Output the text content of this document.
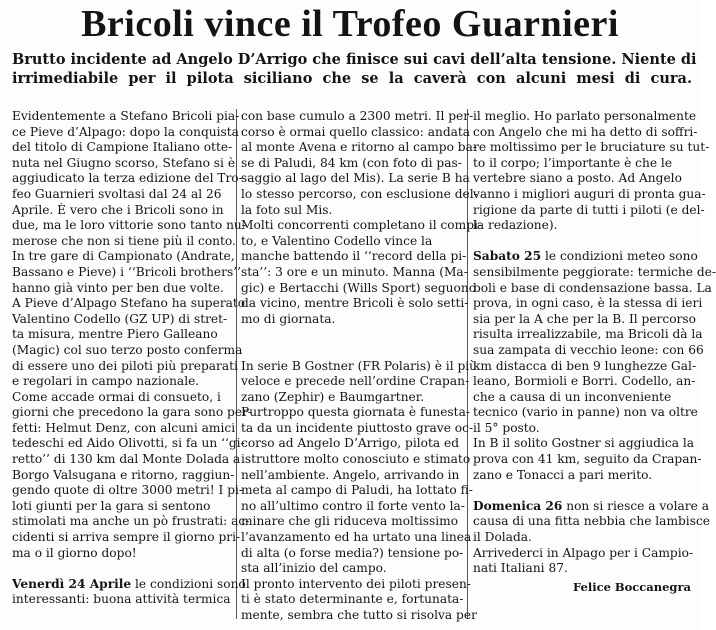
Bricoli vince il Trofeo Guarnieri
Brutto incidente ad Angelo D’Arrigo che finisce sui cavi dell’alta tensione. Niente di
irrimediabile per il pilota siciliano che se la caverà con alcuni mesi di cura.
Evidentemente a Stefano Bricoli pia-
ce Pieve d’Alpago: dopo la conquista
del titolo di Campione Italiano otte-
nuta nel Giugno scorso, Stefano si è
aggiudicato la terza edizione del Tro-
feo Guarnieri svoltasi dal 24 al 26
Aprile. È vero che i Bricoli sono in
due, ma le loro vittorie sono tanto nu-
merose che non si tiene più il conto.
In tre gare di Campionato (Andrate,
Bassano e Pieve) i ‘‘Bricoli brothers’’
hanno già vinto per ben due volte.
A Pieve d’Alpago Stefano ha superato
Valentino Codello (GZ UP) di stret-
ta misura, mentre Piero Galleano
(Magic) col suo terzo posto conferma
di essere uno dei piloti più preparati
e regolari in campo nazionale.
Come accade ormai di consueto, i
giorni che precedono la gara sono per-
fetti: Helmut Denz, con alcuni amici
tedeschi ed Aido Olivotti, si fa un ‘‘gi-
retto’’ di 130 km dal Monte Dolada a
Borgo Valsugana e ritorno, raggiun-
gendo quote di oltre 3000 metri! I pi-
loti giunti per la gara si sentono
stimolati ma anche un pò frustrati: ac-
cidenti si arriva sempre il giorno pri-
ma o il giorno dopo!
Venerdì 24 Aprile le condizioni sono
interessanti: buona attività termica
con base cumulo a 2300 metri. Il per-
corso è ormai quello classico: andata
al monte Avena e ritorno al campo ba-
se di Paludi, 84 km (con foto di pas-
saggio al lago del Mis). La serie B ha
lo stesso percorso, con esclusione del-
la foto sul Mis.
Molti concorrenti completano il compi-
to, e Valentino Codello vince la
manche battendo il ‘‘record della pi-
sta’’: 3 ore e un minuto. Manna (Ma-
gic) e Bertacchi (Wills Sport) seguono
da vicino, mentre Bricoli è solo setti-
mo di giornata.
In serie B Gostner (FR Polaris) è il più
veloce e precede nell’ordine Crapan-
zano (Zephir) e Baumgartner.
Purtroppo questa giornata è funesta-
ta da un incidente piuttosto grave oc-
corso ad Angelo D’Arrigo, pilota ed
istruttore molto conosciuto e stimato
nell’ambiente. Angelo, arrivando in
meta al campo di Paludi, ha lottato fi-
no all’ultimo contro il forte vento la-
minare che gli riduceva moltissimo
l’avanzamento ed ha urtato una linea
di alta (o forse media?) tensione po-
sta all’inizio del campo.
Il pronto intervento dei piloti presen-
ti è stato determinante e, fortunata-
mente, sembra che tutto si risolva per
il meglio. Ho parlato personalmente
con Angelo che mi ha detto di soffri-
re moltissimo per le bruciature su tut-
to il corpo; l’importante è che le
vertebre siano a posto. Ad Angelo
vanno i migliori auguri di pronta gua-
rigione da parte di tutti i piloti (e del-
la redazione).
Sabato 25 le condizioni meteo sono
sensibilmente peggiorate: termiche de-
boli e base di condensazione bassa. La
prova, in ogni caso, è la stessa di ieri
sia per la A che per la B. Il percorso
risulta irrealizzabile, ma Bricoli dà la
sua zampata di vecchio leone: con 66
km distacca di ben 9 lunghezze Gal-
leano, Bormioli e Borri. Codello, an-
che a causa di un inconveniente
tecnico (vario in panne) non va oltre
il 5° posto.
In B il solito Gostner si aggiudica la
prova con 41 km, seguito da Crapan-
zano e Tonacci a pari merito.
Domenica 26 non si riesce a volare a
causa di una fitta nebbia che lambisce
il Dolada.
Arrivederci in Alpago per i Campio-
nati Italiani 87.
Felice Boccanegra
